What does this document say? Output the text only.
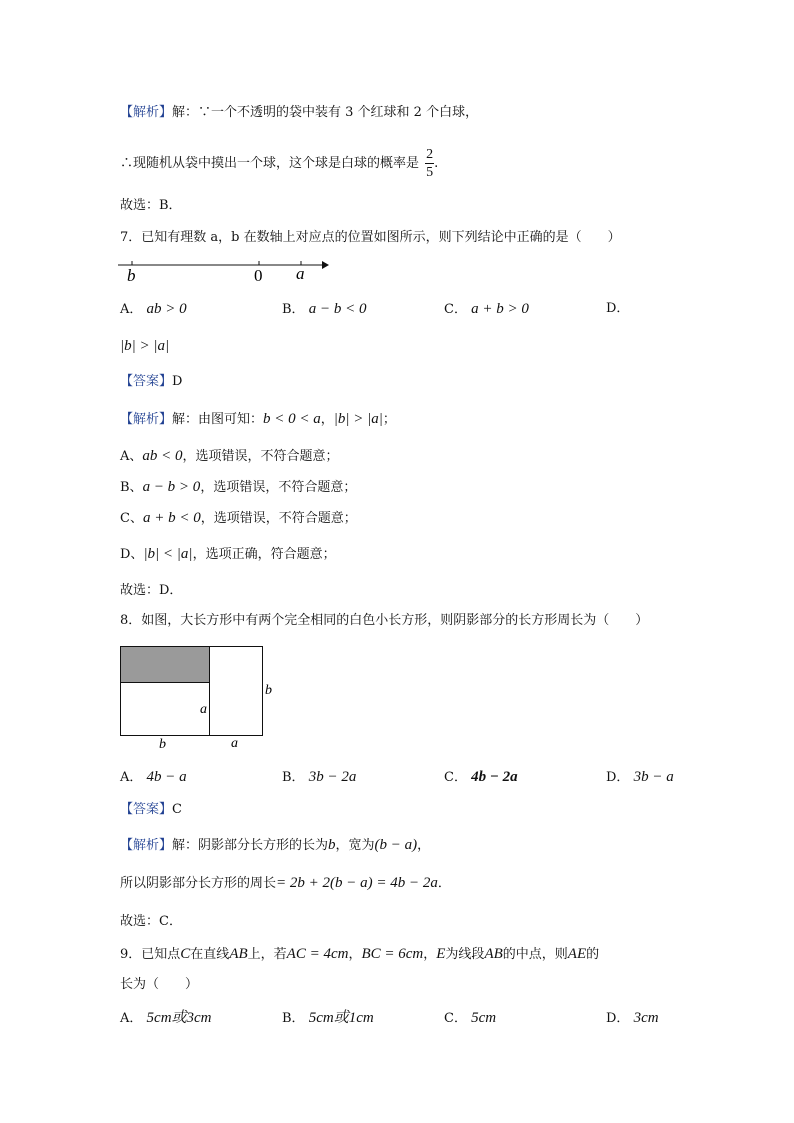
【解析】解：∵一个不透明的袋中装有 3 个红球和 2 个白球，
∴现随机从袋中摸出一个球，这个球是白球的概率是 $\frac{2}{5}$ .
故选：B．
7．已知有理数 a，b 在数轴上对应点的位置如图所示，则下列结论中正确的是（　　）
b	0 a
A． ab > 0	B． a − b < 0	C． a + b > 0	D．
|b| > |a|
【答案】D
【解析】解：由图可知：b < 0 < a，|b| > |a|；
A、ab < 0，选项错误，不符合题意；
B、a − b > 0，选项错误，不符合题意；
C、a + b < 0，选项错误，不符合题意；
D、|b| < |a|，选项正确，符合题意；
故选：D．
8．如图，大长方形中有两个完全相同的白色小长方形，则阴影部分的长方形周长为（　　）
a
b
b	a
A． 4b − a	B． 3b − 2a	C． 4b − 2a	D． 3b − a
【答案】C
【解析】解：阴影部分长方形的长为b，宽为(b − a)，
所以阴影部分长方形的周长= 2b + 2(b − a) = 4b − 2a．
故选：C．
9．已知点C在直线AB上，若AC = 4cm，BC = 6cm，E为线段AB的中点，则AE的
长为（　　）
A． 5cm或3cm	B． 5cm或1cm	C． 5cm	D． 3cm
